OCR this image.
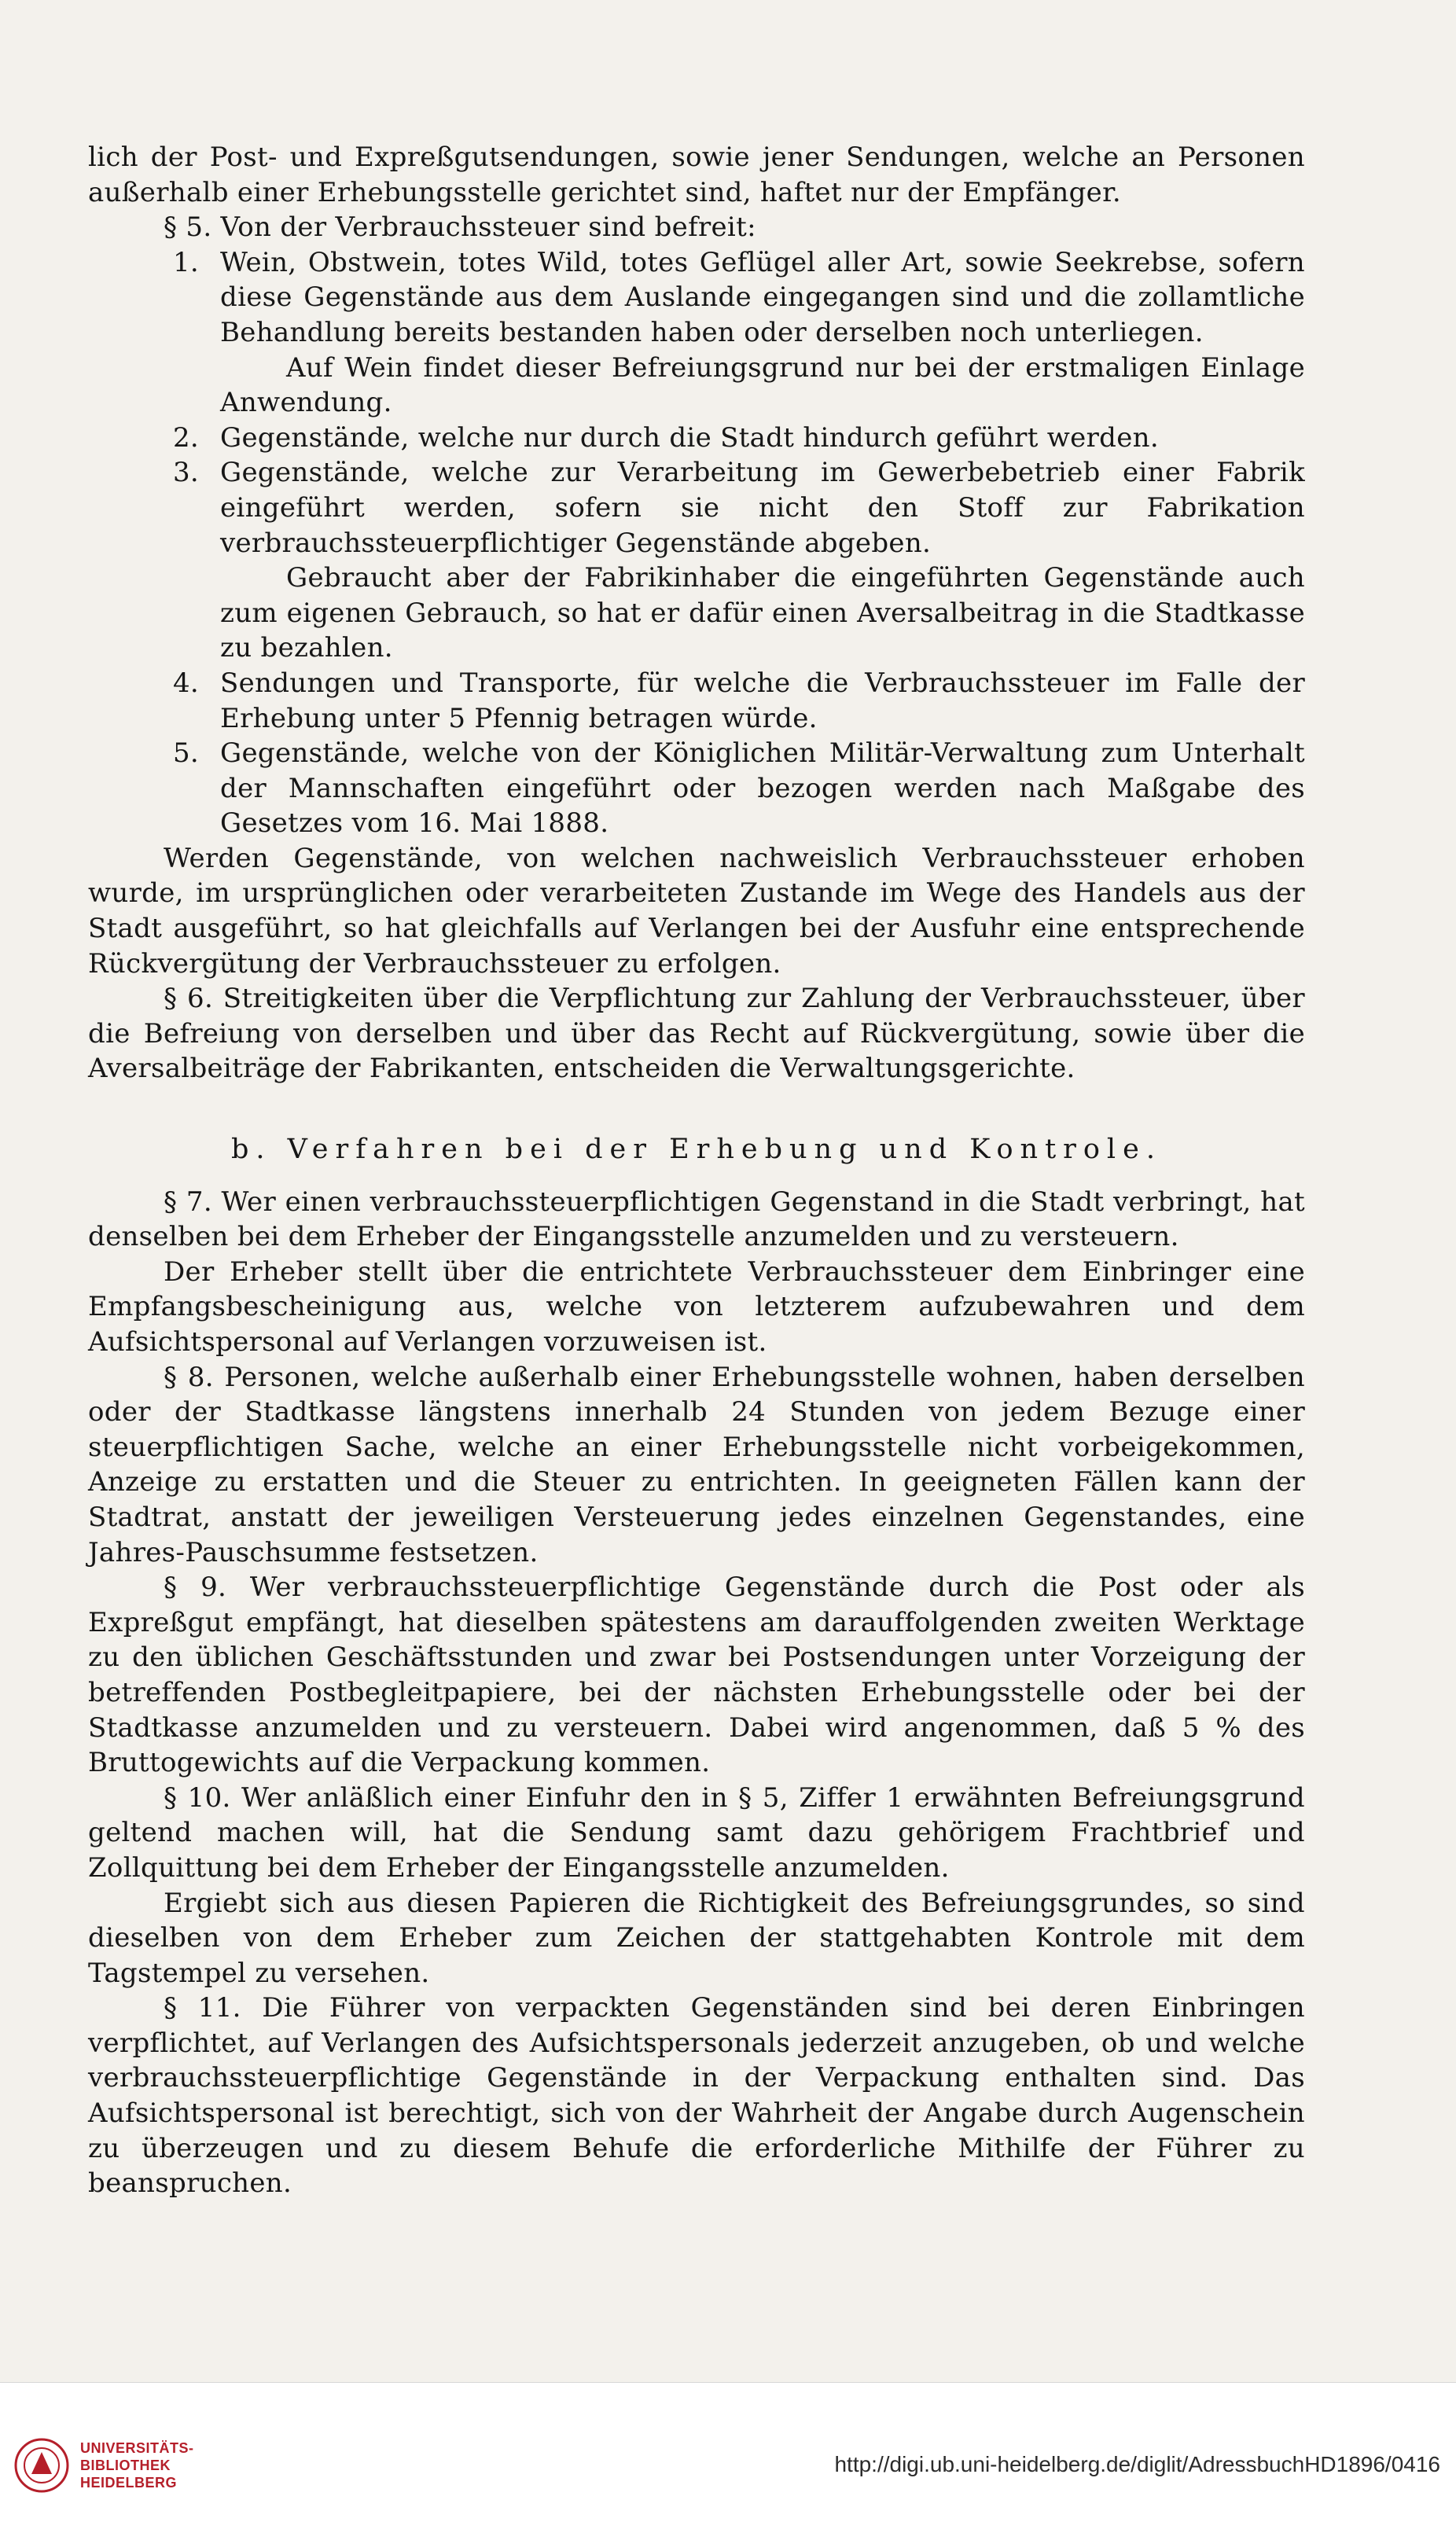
lich der Post- und Expreßgutsendungen, sowie jener Sendungen, welche an Personen außerhalb einer Erhebungsstelle gerichtet sind, haftet nur der Empfänger.

§ 5. Von der Verbrauchssteuer sind befreit:

1. Wein, Obstwein, totes Wild, totes Geflügel aller Art, sowie Seekrebse, sofern diese Gegenstände aus dem Auslande eingegangen sind und die zollamtliche Behandlung bereits bestanden haben oder derselben noch unterliegen.

Auf Wein findet dieser Befreiungsgrund nur bei der erstmaligen Einlage Anwendung.

2. Gegenstände, welche nur durch die Stadt hindurch geführt werden.

3. Gegenstände, welche zur Verarbeitung im Gewerbebetrieb einer Fabrik eingeführt werden, sofern sie nicht den Stoff zur Fabrikation verbrauchssteuerpflichtiger Gegenstände abgeben.

Gebraucht aber der Fabrikinhaber die eingeführten Gegenstände auch zum eigenen Gebrauch, so hat er dafür einen Aversalbeitrag in die Stadtkasse zu bezahlen.

4. Sendungen und Transporte, für welche die Verbrauchssteuer im Falle der Erhebung unter 5 Pfennig betragen würde.

5. Gegenstände, welche von der Königlichen Militär-Verwaltung zum Unterhalt der Mannschaften eingeführt oder bezogen werden nach Maßgabe des Gesetzes vom 16. Mai 1888.

Werden Gegenstände, von welchen nachweislich Verbrauchssteuer erhoben wurde, im ursprünglichen oder verarbeiteten Zustande im Wege des Handels aus der Stadt ausgeführt, so hat gleichfalls auf Verlangen bei der Ausfuhr eine entsprechende Rückvergütung der Verbrauchssteuer zu erfolgen.

§ 6. Streitigkeiten über die Verpflichtung zur Zahlung der Verbrauchssteuer, über die Befreiung von derselben und über das Recht auf Rückvergütung, sowie über die Aversalbeiträge der Fabrikanten, entscheiden die Verwaltungsgerichte.

b. Verfahren bei der Erhebung und Kontrole.

§ 7. Wer einen verbrauchssteuerpflichtigen Gegenstand in die Stadt verbringt, hat denselben bei dem Erheber der Eingangsstelle anzumelden und zu versteuern.

Der Erheber stellt über die entrichtete Verbrauchssteuer dem Einbringer eine Empfangsbescheinigung aus, welche von letzterem aufzubewahren und dem Aufsichtspersonal auf Verlangen vorzuweisen ist.

§ 8. Personen, welche außerhalb einer Erhebungsstelle wohnen, haben derselben oder der Stadtkasse längstens innerhalb 24 Stunden von jedem Bezuge einer steuerpflichtigen Sache, welche an einer Erhebungsstelle nicht vorbeigekommen, Anzeige zu erstatten und die Steuer zu entrichten. In geeigneten Fällen kann der Stadtrat, anstatt der jeweiligen Versteuerung jedes einzelnen Gegenstandes, eine Jahres-Pauschsumme festsetzen.

§ 9. Wer verbrauchssteuerpflichtige Gegenstände durch die Post oder als Expreßgut empfängt, hat dieselben spätestens am darauffolgenden zweiten Werktage zu den üblichen Geschäftsstunden und zwar bei Postsendungen unter Vorzeigung der betreffenden Postbegleitpapiere, bei der nächsten Erhebungsstelle oder bei der Stadtkasse anzumelden und zu versteuern. Dabei wird angenommen, daß 5 % des Bruttogewichts auf die Verpackung kommen.

§ 10. Wer anläßlich einer Einfuhr den in § 5, Ziffer 1 erwähnten Befreiungsgrund geltend machen will, hat die Sendung samt dazu gehörigem Frachtbrief und Zollquittung bei dem Erheber der Eingangsstelle anzumelden.

Ergiebt sich aus diesen Papieren die Richtigkeit des Befreiungsgrundes, so sind dieselben von dem Erheber zum Zeichen der stattgehabten Kontrole mit dem Tagstempel zu versehen.

§ 11. Die Führer von verpackten Gegenständen sind bei deren Einbringen verpflichtet, auf Verlangen des Aufsichtspersonals jederzeit anzugeben, ob und welche verbrauchssteuerpflichtige Gegenstände in der Verpackung enthalten sind. Das Aufsichtspersonal ist berechtigt, sich von der Wahrheit der Angabe durch Augenschein zu überzeugen und zu diesem Behufe die erforderliche Mithilfe der Führer zu beanspruchen.

UNIVERSITÄTS-
BIBLIOTHEK
HEIDELBERG
http://digi.ub.uni-heidelberg.de/diglit/AdressbuchHD1896/0416
